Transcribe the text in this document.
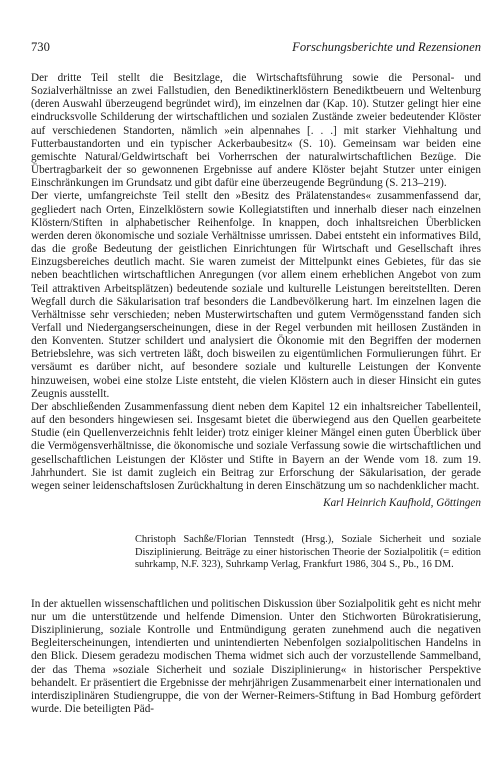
730	Forschungsberichte und Rezensionen

Der dritte Teil stellt die Besitzlage, die Wirtschaftsführung sowie die Personal- und Sozialverhältnisse an zwei Fallstudien, den Benediktinerklöstern Benediktbeuern und Weltenburg (deren Auswahl überzeugend begründet wird), im einzelnen dar (Kap. 10). Stutzer gelingt hier eine eindrucksvolle Schilderung der wirtschaftlichen und sozialen Zustände zweier bedeutender Klöster auf verschiedenen Standorten, nämlich »ein alpennahes [. . .] mit starker Viehhaltung und Futterbaustandorten und ein typischer Ackerbaubesitz« (S. 10). Gemeinsam war beiden eine gemischte Natural/Geldwirtschaft bei Vorherrschen der naturalwirtschaftlichen Bezüge. Die Übertragbarkeit der so gewonnenen Ergebnisse auf andere Klöster bejaht Stutzer unter einigen Einschränkungen im Grundsatz und gibt dafür eine überzeugende Begründung (S. 213–219).

Der vierte, umfangreichste Teil stellt den »Besitz des Prälatenstandes« zusammenfassend dar, gegliedert nach Orten, Einzelklöstern sowie Kollegiatstiften und innerhalb dieser nach einzelnen Klöstern/Stiften in alphabetischer Reihenfolge. In knappen, doch inhaltsreichen Überblicken werden deren ökonomische und soziale Verhältnisse umrissen. Dabei entsteht ein informatives Bild, das die große Bedeutung der geistlichen Einrichtungen für Wirtschaft und Gesellschaft ihres Einzugsbereiches deutlich macht. Sie waren zumeist der Mittelpunkt eines Gebietes, für das sie neben beachtlichen wirtschaftlichen Anregungen (vor allem einem erheblichen Angebot von zum Teil attraktiven Arbeitsplätzen) bedeutende soziale und kulturelle Leistungen bereitstellten. Deren Wegfall durch die Säkularisation traf besonders die Landbevölkerung hart. Im einzelnen lagen die Verhältnisse sehr verschieden; neben Musterwirtschaften und gutem Vermögensstand fanden sich Verfall und Niedergangserscheinungen, diese in der Regel verbunden mit heillosen Zuständen in den Konventen. Stutzer schildert und analysiert die Ökonomie mit den Begriffen der modernen Betriebslehre, was sich vertreten läßt, doch bisweilen zu eigentümlichen Formulierungen führt. Er versäumt es darüber nicht, auf besondere soziale und kulturelle Leistungen der Konvente hinzuweisen, wobei eine stolze Liste entsteht, die vielen Klöstern auch in dieser Hinsicht ein gutes Zeugnis ausstellt.

Der abschließenden Zusammenfassung dient neben dem Kapitel 12 ein inhaltsreicher Tabellenteil, auf den besonders hingewiesen sei. Insgesamt bietet die überwiegend aus den Quellen gearbeitete Studie (ein Quellenverzeichnis fehlt leider) trotz einiger kleiner Mängel einen guten Überblick über die Vermögensverhältnisse, die ökonomische und soziale Verfassung sowie die wirtschaftlichen und gesellschaftlichen Leistungen der Klöster und Stifte in Bayern an der Wende vom 18. zum 19. Jahrhundert. Sie ist damit zugleich ein Beitrag zur Erforschung der Säkularisation, der gerade wegen seiner leidenschaftslosen Zurückhaltung in deren Einschätzung um so nachdenklicher macht.

Karl Heinrich Kaufhold, Göttingen

Christoph Sachße/Florian Tennstedt (Hrsg.), Soziale Sicherheit und soziale Disziplinierung. Beiträge zu einer historischen Theorie der Sozialpolitik (= edition suhrkamp, N.F. 323), Suhrkamp Verlag, Frankfurt 1986, 304 S., Pb., 16 DM.

In der aktuellen wissenschaftlichen und politischen Diskussion über Sozialpolitik geht es nicht mehr nur um die unterstützende und helfende Dimension. Unter den Stichworten Bürokratisierung, Disziplinierung, soziale Kontrolle und Entmündigung geraten zunehmend auch die negativen Begleiterscheinungen, intendierten und unintendierten Nebenfolgen sozialpolitischen Handelns in den Blick. Diesem geradezu modischen Thema widmet sich auch der vorzustellende Sammelband, der das Thema »soziale Sicherheit und soziale Disziplinierung« in historischer Perspektive behandelt. Er präsentiert die Ergebnisse der mehrjährigen Zusammenarbeit einer internationalen und interdisziplinären Studiengruppe, die von der Werner-Reimers-Stiftung in Bad Homburg gefördert wurde. Die beteiligten Päd-
